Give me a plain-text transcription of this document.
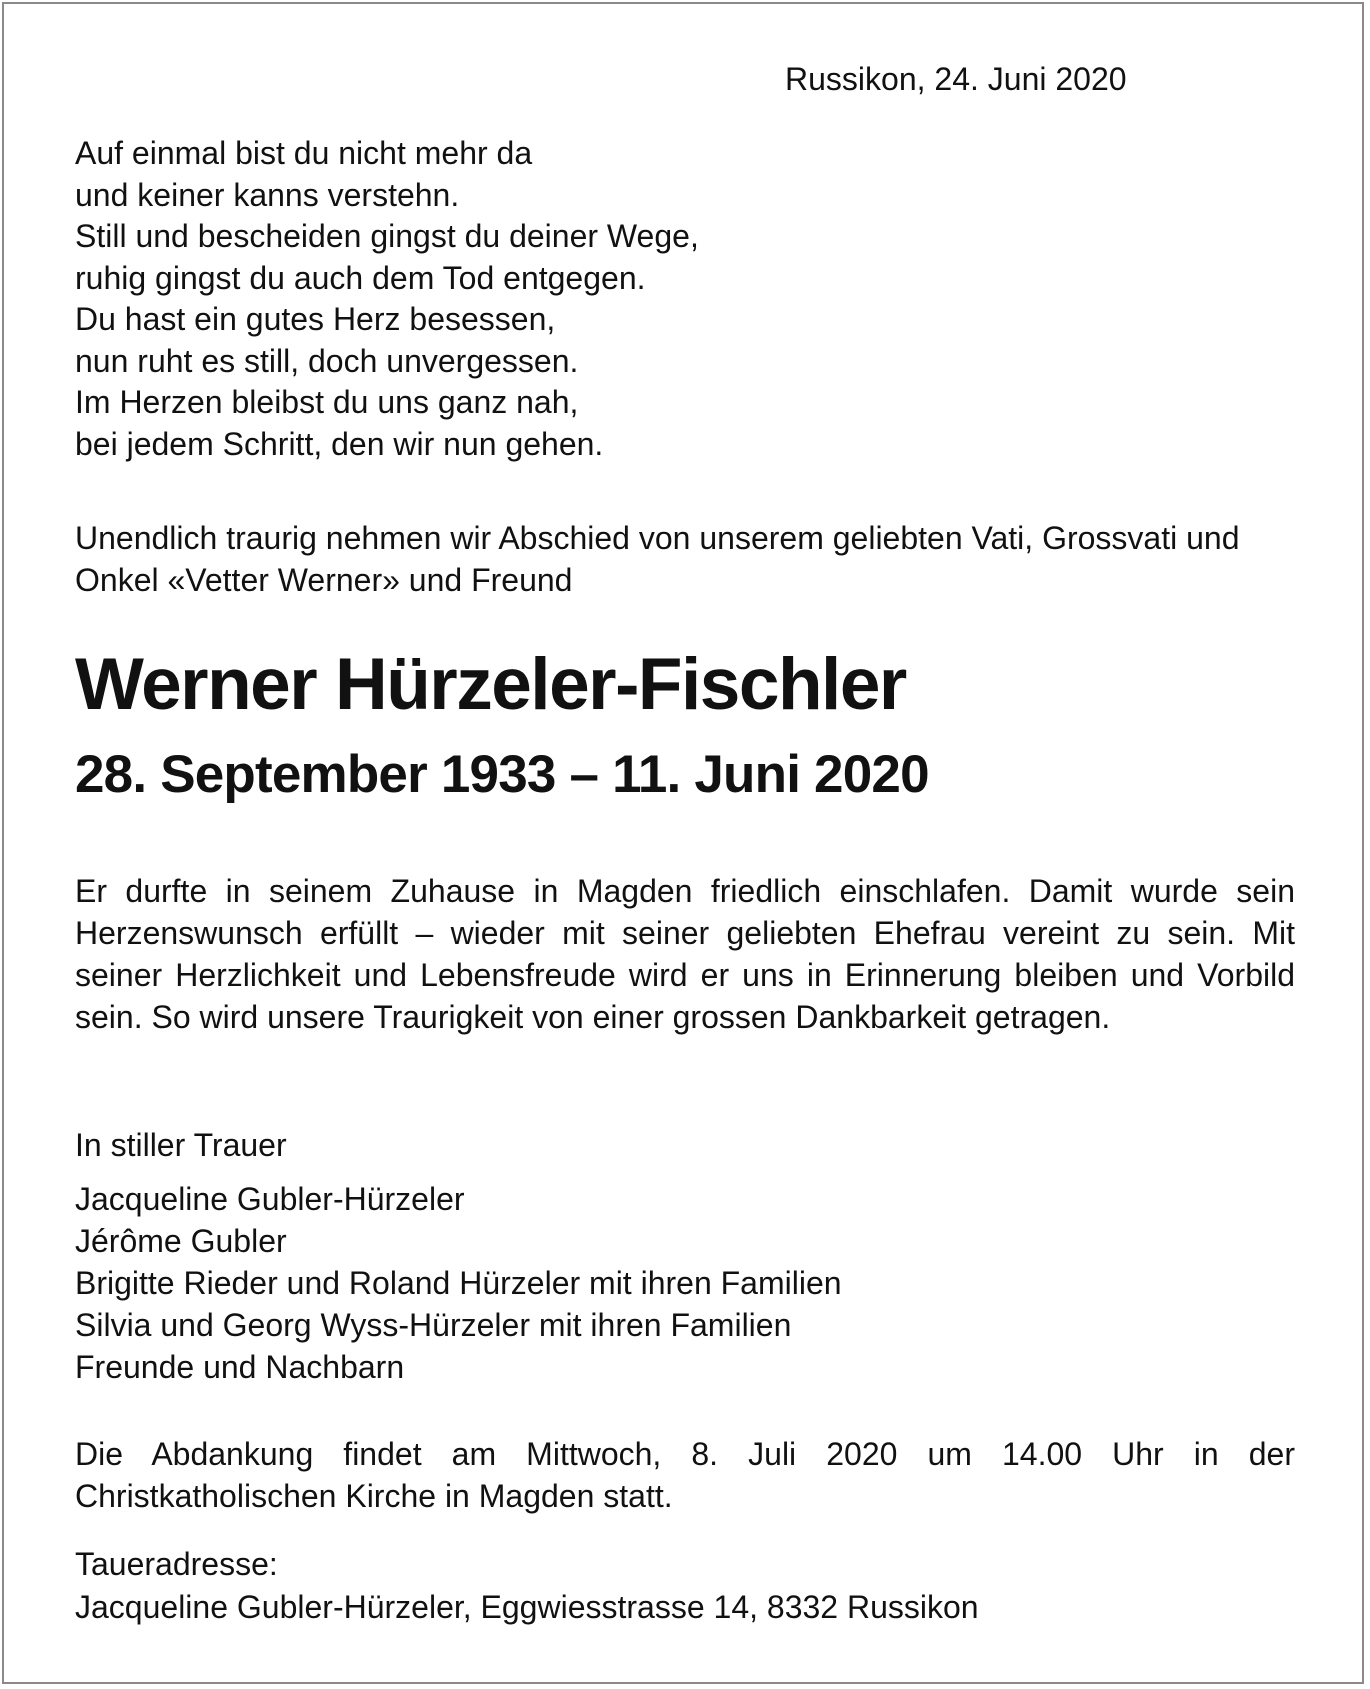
Russikon, 24. Juni 2020
Auf einmal bist du nicht mehr da
und keiner kanns verstehn.
Still und bescheiden gingst du deiner Wege,
ruhig gingst du auch dem Tod entgegen.
Du hast ein gutes Herz besessen,
nun ruht es still, doch unvergessen.
Im Herzen bleibst du uns ganz nah,
bei jedem Schritt, den wir nun gehen.
Unendlich traurig nehmen wir Abschied von unserem geliebten Vati, Grossvati und Onkel «Vetter Werner» und Freund
Werner Hürzeler-Fischler
28. September 1933 – 11. Juni 2020
Er durfte in seinem Zuhause in Magden friedlich einschlafen. Damit wurde sein Herzenswunsch erfüllt – wieder mit seiner geliebten Ehefrau vereint zu sein. Mit seiner Herzlichkeit und Lebensfreude wird er uns in Erinnerung bleiben und Vorbild sein. So wird unsere Traurigkeit von einer grossen Dankbarkeit getragen.
In stiller Trauer
Jacqueline Gubler-Hürzeler
Jérôme Gubler
Brigitte Rieder und Roland Hürzeler mit ihren Familien
Silvia und Georg Wyss-Hürzeler mit ihren Familien
Freunde und Nachbarn
Die Abdankung findet am Mittwoch, 8. Juli 2020 um 14.00 Uhr in der Christkatholischen Kirche in Magden statt.
Taueradresse:
Jacqueline Gubler-Hürzeler, Eggwiesstrasse 14, 8332 Russikon
